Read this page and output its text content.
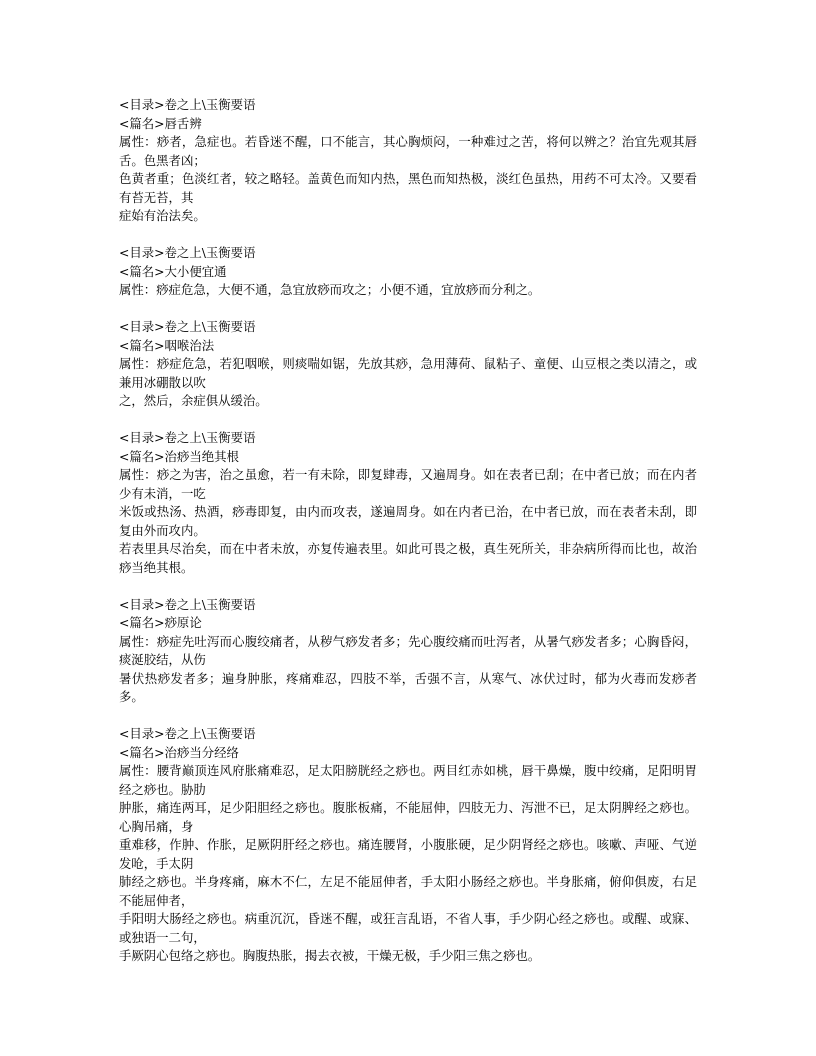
<目录>卷之上\玉衡要语
<篇名>唇舌辨
属性：痧者，急症也。若昏迷不醒，口不能言，其心胸烦闷，一种难过之苦，将何以辨之？治宜先观其唇舌。色黑者凶；
色黄者重；色淡红者，较之略轻。盖黄色而知内热，黑色而知热极，淡红色虽热，用药不可太冷。又要看有苔无苔，其
症始有治法矣。
<目录>卷之上\玉衡要语
<篇名>大小便宜通
属性：痧症危急，大便不通，急宜放痧而攻之；小便不通，宜放痧而分利之。
<目录>卷之上\玉衡要语
<篇名>咽喉治法
属性：痧症危急，若犯咽喉，则痰喘如锯，先放其痧，急用薄荷、鼠粘子、童便、山豆根之类以清之，或兼用冰硼散以吹
之，然后，余症俱从缓治。
<目录>卷之上\玉衡要语
<篇名>治痧当绝其根
属性：痧之为害，治之虽愈，若一有未除，即复肆毒，又遍周身。如在表者已刮；在中者已放；而在内者少有未消，一吃
米饭或热汤、热酒，痧毒即复，由内而攻表，遂遍周身。如在内者已治，在中者已放，而在表者未刮，即复由外而攻内。
若表里具尽治矣，而在中者未放，亦复传遍表里。如此可畏之极，真生死所关，非杂病所得而比也，故治痧当绝其根。
<目录>卷之上\玉衡要语
<篇名>痧原论
属性：痧症先吐泻而心腹绞痛者，从秽气痧发者多；先心腹绞痛而吐泻者，从暑气痧发者多；心胸昏闷，痰涎胶结，从伤
暑伏热痧发者多；遍身肿胀，疼痛难忍，四肢不举，舌强不言，从寒气、冰伏过时，郁为火毒而发痧者多。
<目录>卷之上\玉衡要语
<篇名>治痧当分经络
属性：腰背巅顶连风府胀痛难忍，足太阳膀胱经之痧也。两目红赤如桃，唇干鼻燥，腹中绞痛，足阳明胃经之痧也。胁肋
肿胀，痛连两耳，足少阳胆经之痧也。腹胀板痛，不能屈伸，四肢无力、泻泄不已，足太阴脾经之痧也。心胸吊痛，身
重难移，作肿、作胀，足厥阴肝经之痧也。痛连腰肾，小腹胀硬，足少阴肾经之痧也。咳嗽、声哑、气逆发呛，手太阴
肺经之痧也。半身疼痛，麻木不仁，左足不能屈伸者，手太阳小肠经之痧也。半身胀痛，俯仰俱废，右足不能屈伸者，
手阳明大肠经之痧也。病重沉沉，昏迷不醒，或狂言乱语，不省人事，手少阴心经之痧也。或醒、或寐、或独语一二句，
手厥阴心包络之痧也。胸腹热胀，揭去衣被，干燥无极，手少阳三焦之痧也。
